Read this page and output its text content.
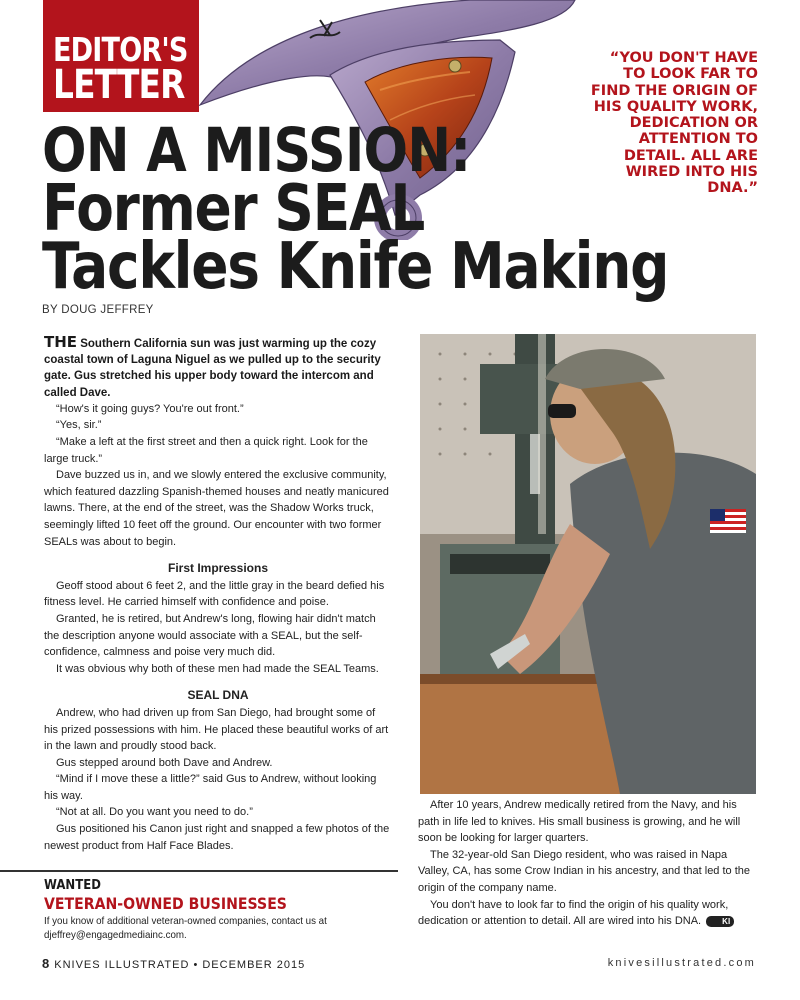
EDITOR'S
LETTER
“YOU DON'T HAVE TO LOOK FAR TO FIND THE ORIGIN OF HIS QUALITY WORK, DEDICATION OR ATTENTION TO DETAIL. ALL ARE WIRED INTO HIS DNA.”
ON A MISSION:
Former SEAL
Tackles Knife Making
BY DOUG JEFFREY

THE Southern California sun was just warming up the cozy coastal town of Laguna Niguel as we pulled up to the security gate. Gus stretched his upper body toward the intercom and called Dave.

“How's it going guys? You're out front.”

“Yes, sir.”

“Make a left at the first street and then a quick right. Look for the large truck.”

Dave buzzed us in, and we slowly entered the exclusive community, which featured dazzling Spanish-themed houses and neatly manicured lawns. There, at the end of the street, was the Shadow Works truck, seemingly lifted 10 feet off the ground. Our encounter with two former SEALs was about to begin.

First Impressions

Geoff stood about 6 feet 2, and the little gray in the beard defied his fitness level. He carried himself with confidence and poise.

Granted, he is retired, but Andrew's long, flowing hair didn't match the description anyone would associate with a SEAL, but the self-confidence, calmness and poise very much did.

It was obvious why both of these men had made the SEAL Teams.

SEAL DNA

Andrew, who had driven up from San Diego, had brought some of his prized possessions with him. He placed these beautiful works of art in the lawn and proudly stood back.

Gus stepped around both Dave and Andrew.

“Mind if I move these a little?” said Gus to Andrew, without looking his way.

“Not at all. Do you want you need to do.”

Gus positioned his Canon just right and snapped a few photos of the newest product from Half Face Blades.

After 10 years, Andrew medically retired from the Navy, and his path in life led to knives. His small business is growing, and he will soon be looking for larger quarters.

The 32-year-old San Diego resident, who was raised in Napa Valley, CA, has some Crow Indian in his ancestry, and that led to the origin of the company name.

You don't have to look far to find the origin of his quality work, dedication or attention to detail. All are wired into his DNA.	KI

WANTED
VETERAN-OWNED BUSINESSES
If you know of additional veteran-owned companies, contact us at
djeffrey@engagedmediainc.com.
8 KNIVES ILLUSTRATED • DECEMBER 2015	knivesillustrated.com
